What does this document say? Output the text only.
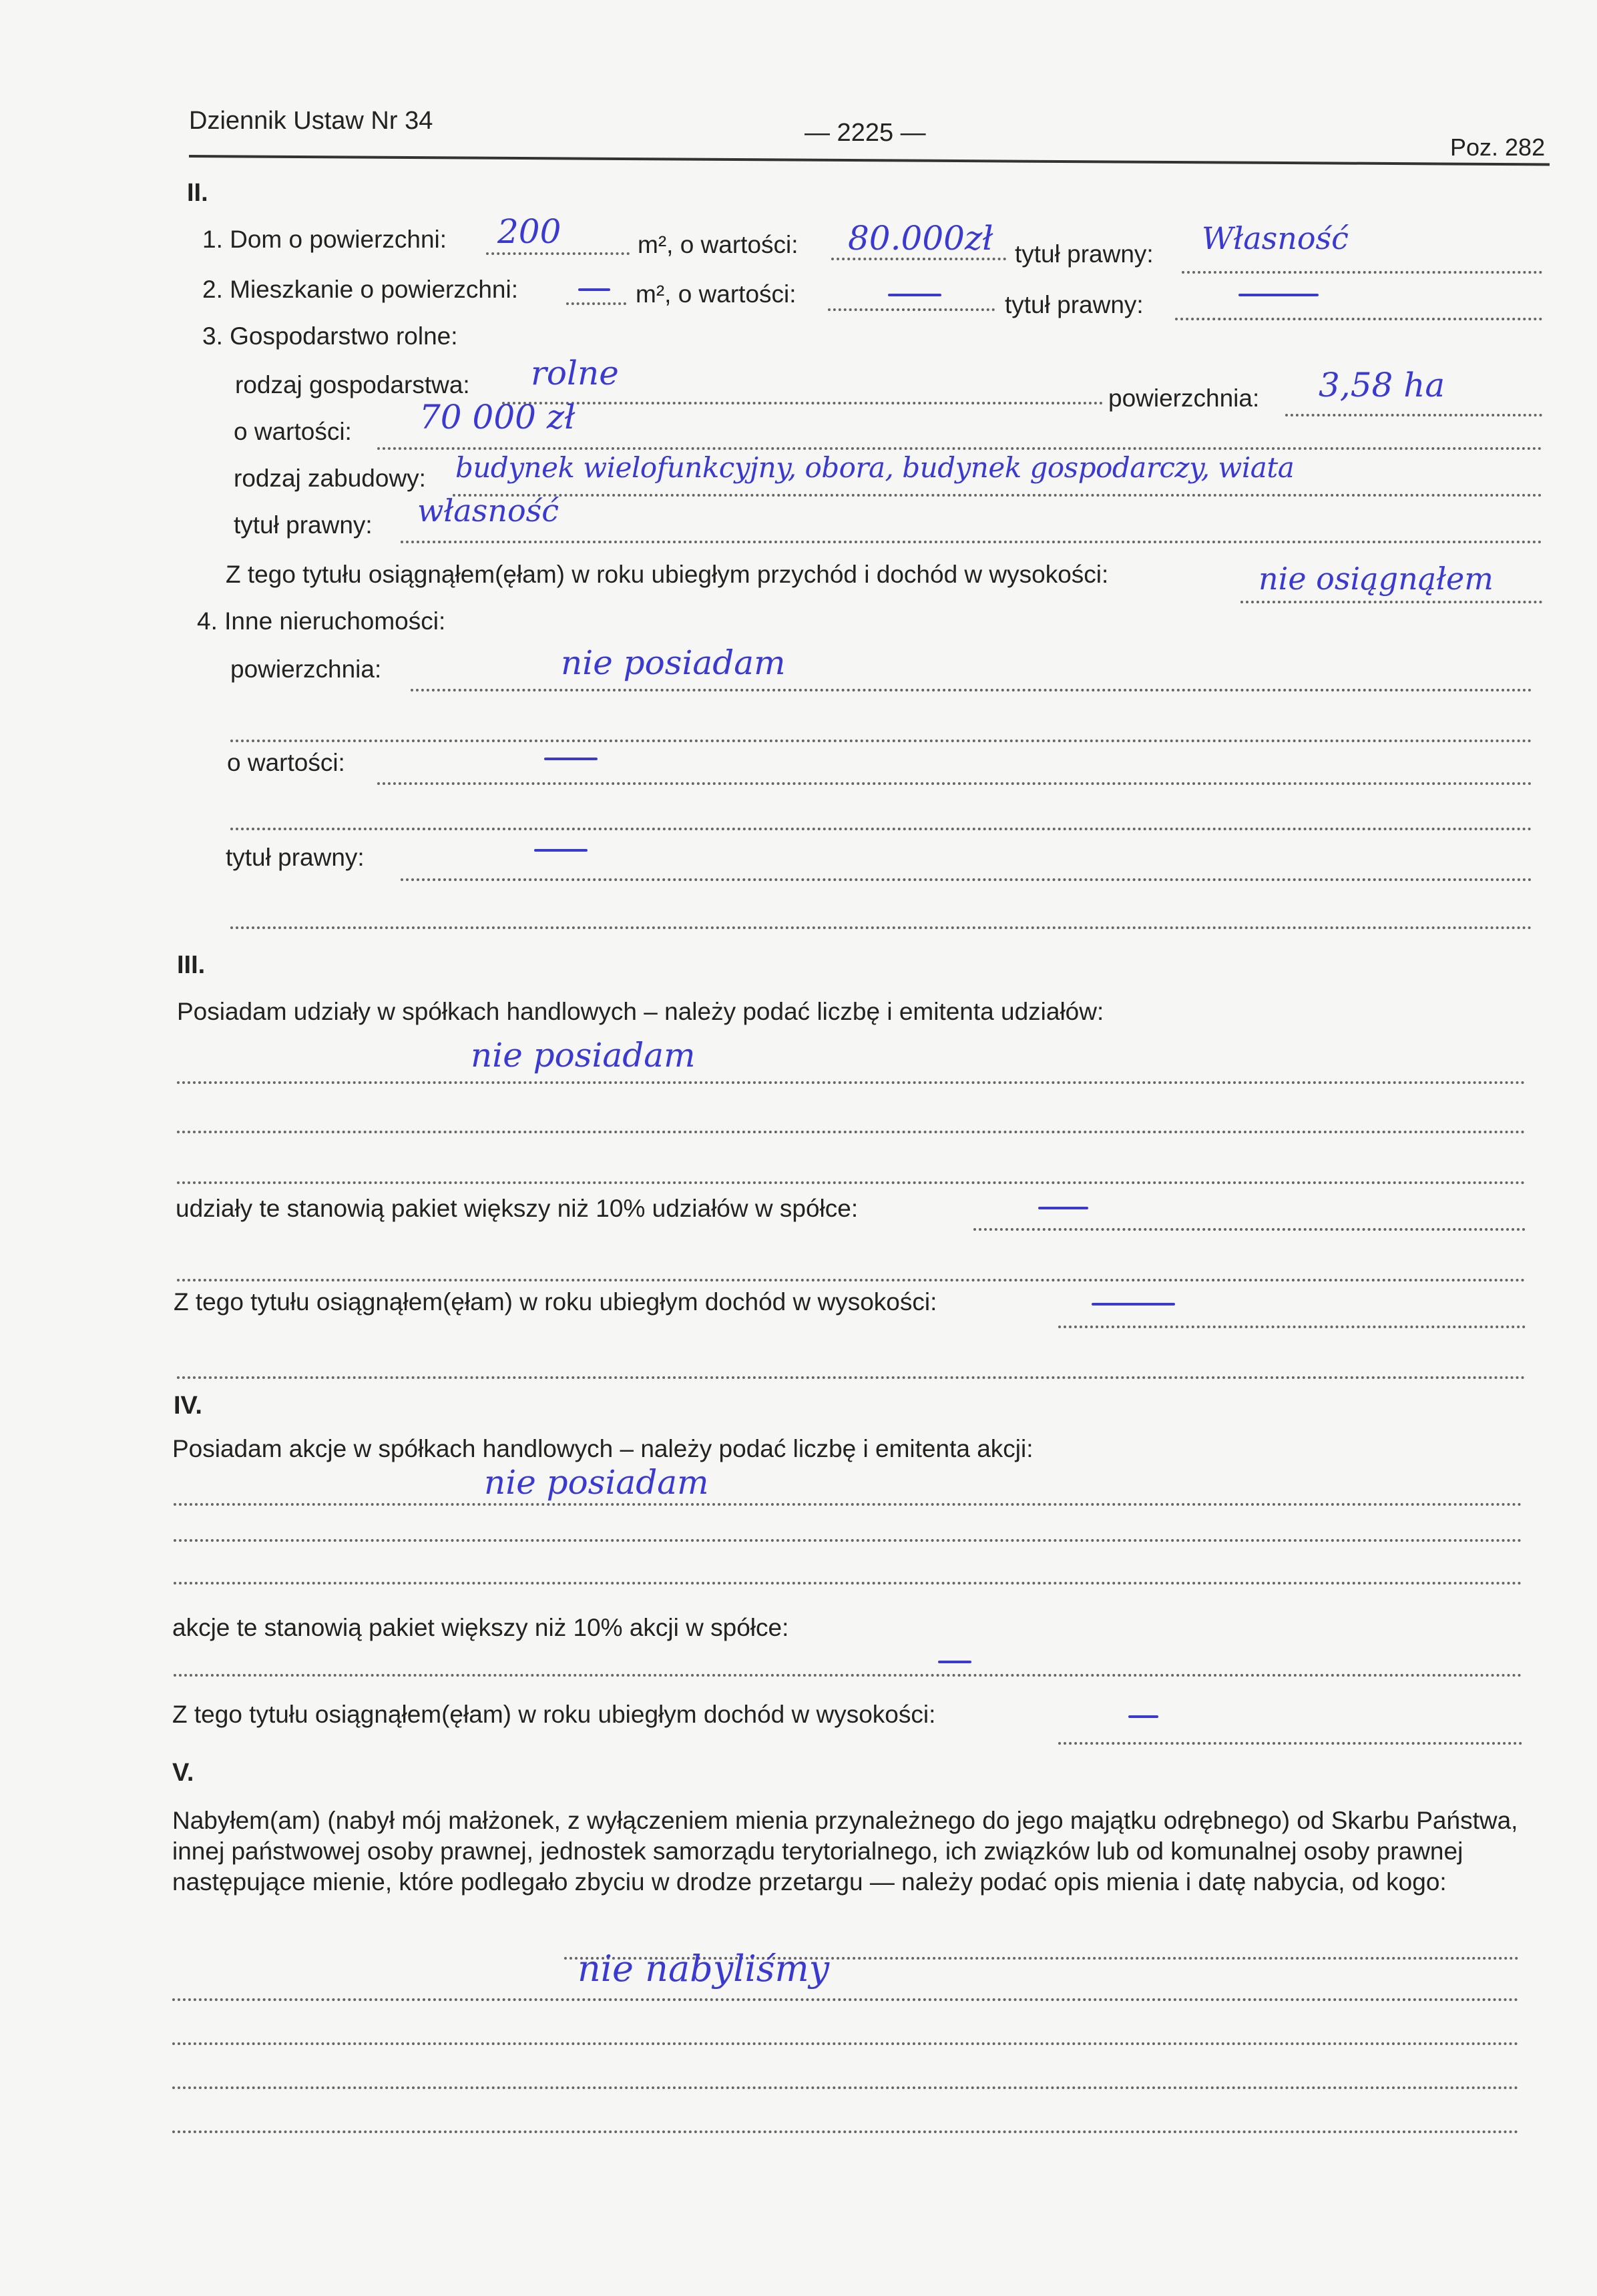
Dziennik Ustaw Nr 34	— 2225 —
Poz. 282
II.
1. Dom o powierzchni: 200	m², o wartości: 80.000zł tytuł prawny: Własność
2. Mieszkanie o powierzchni:	m², o wartości:	tytuł prawny:
3. Gospodarstwo rolne:
rodzaj gospodarstwa: rolne
powierzchnia: 3,58 ha
o wartości: 70 000 zł
rodzaj zabudowy: budynek wielofunkcyjny, obora, budynek gospodarczy, wiata
tytuł prawny: własność
Z tego tytułu osiągnąłem(ęłam) w roku ubiegłym przychód i dochód w wysokości:	nie osiągnąłem
4. Inne nieruchomości:
powierzchnia:	nie posiadam
o wartości:
tytuł prawny:
III.
Posiadam udziały w spółkach handlowych – należy podać liczbę i emitenta udziałów:
nie posiadam
udziały te stanowią pakiet większy niż 10% udziałów w spółce:
Z tego tytułu osiągnąłem(ęłam) w roku ubiegłym dochód w wysokości:
IV.
Posiadam akcje w spółkach handlowych – należy podać liczbę i emitenta akcji:
nie posiadam
akcje te stanowią pakiet większy niż 10% akcji w spółce:
Z tego tytułu osiągnąłem(ęłam) w roku ubiegłym dochód w wysokości:
V.
Nabyłem(am) (nabył mój małżonek, z wyłączeniem mienia przynależnego do jego majątku odrębnego) od Skarbu Państwa, innej państwowej osoby prawnej, jednostek samorządu terytorialnego, ich związków lub od komunalnej osoby prawnej następujące mienie, które podlegało zbyciu w drodze przetargu — należy podać opis mienia i datę nabycia, od kogo:
nie nabyliśmy
